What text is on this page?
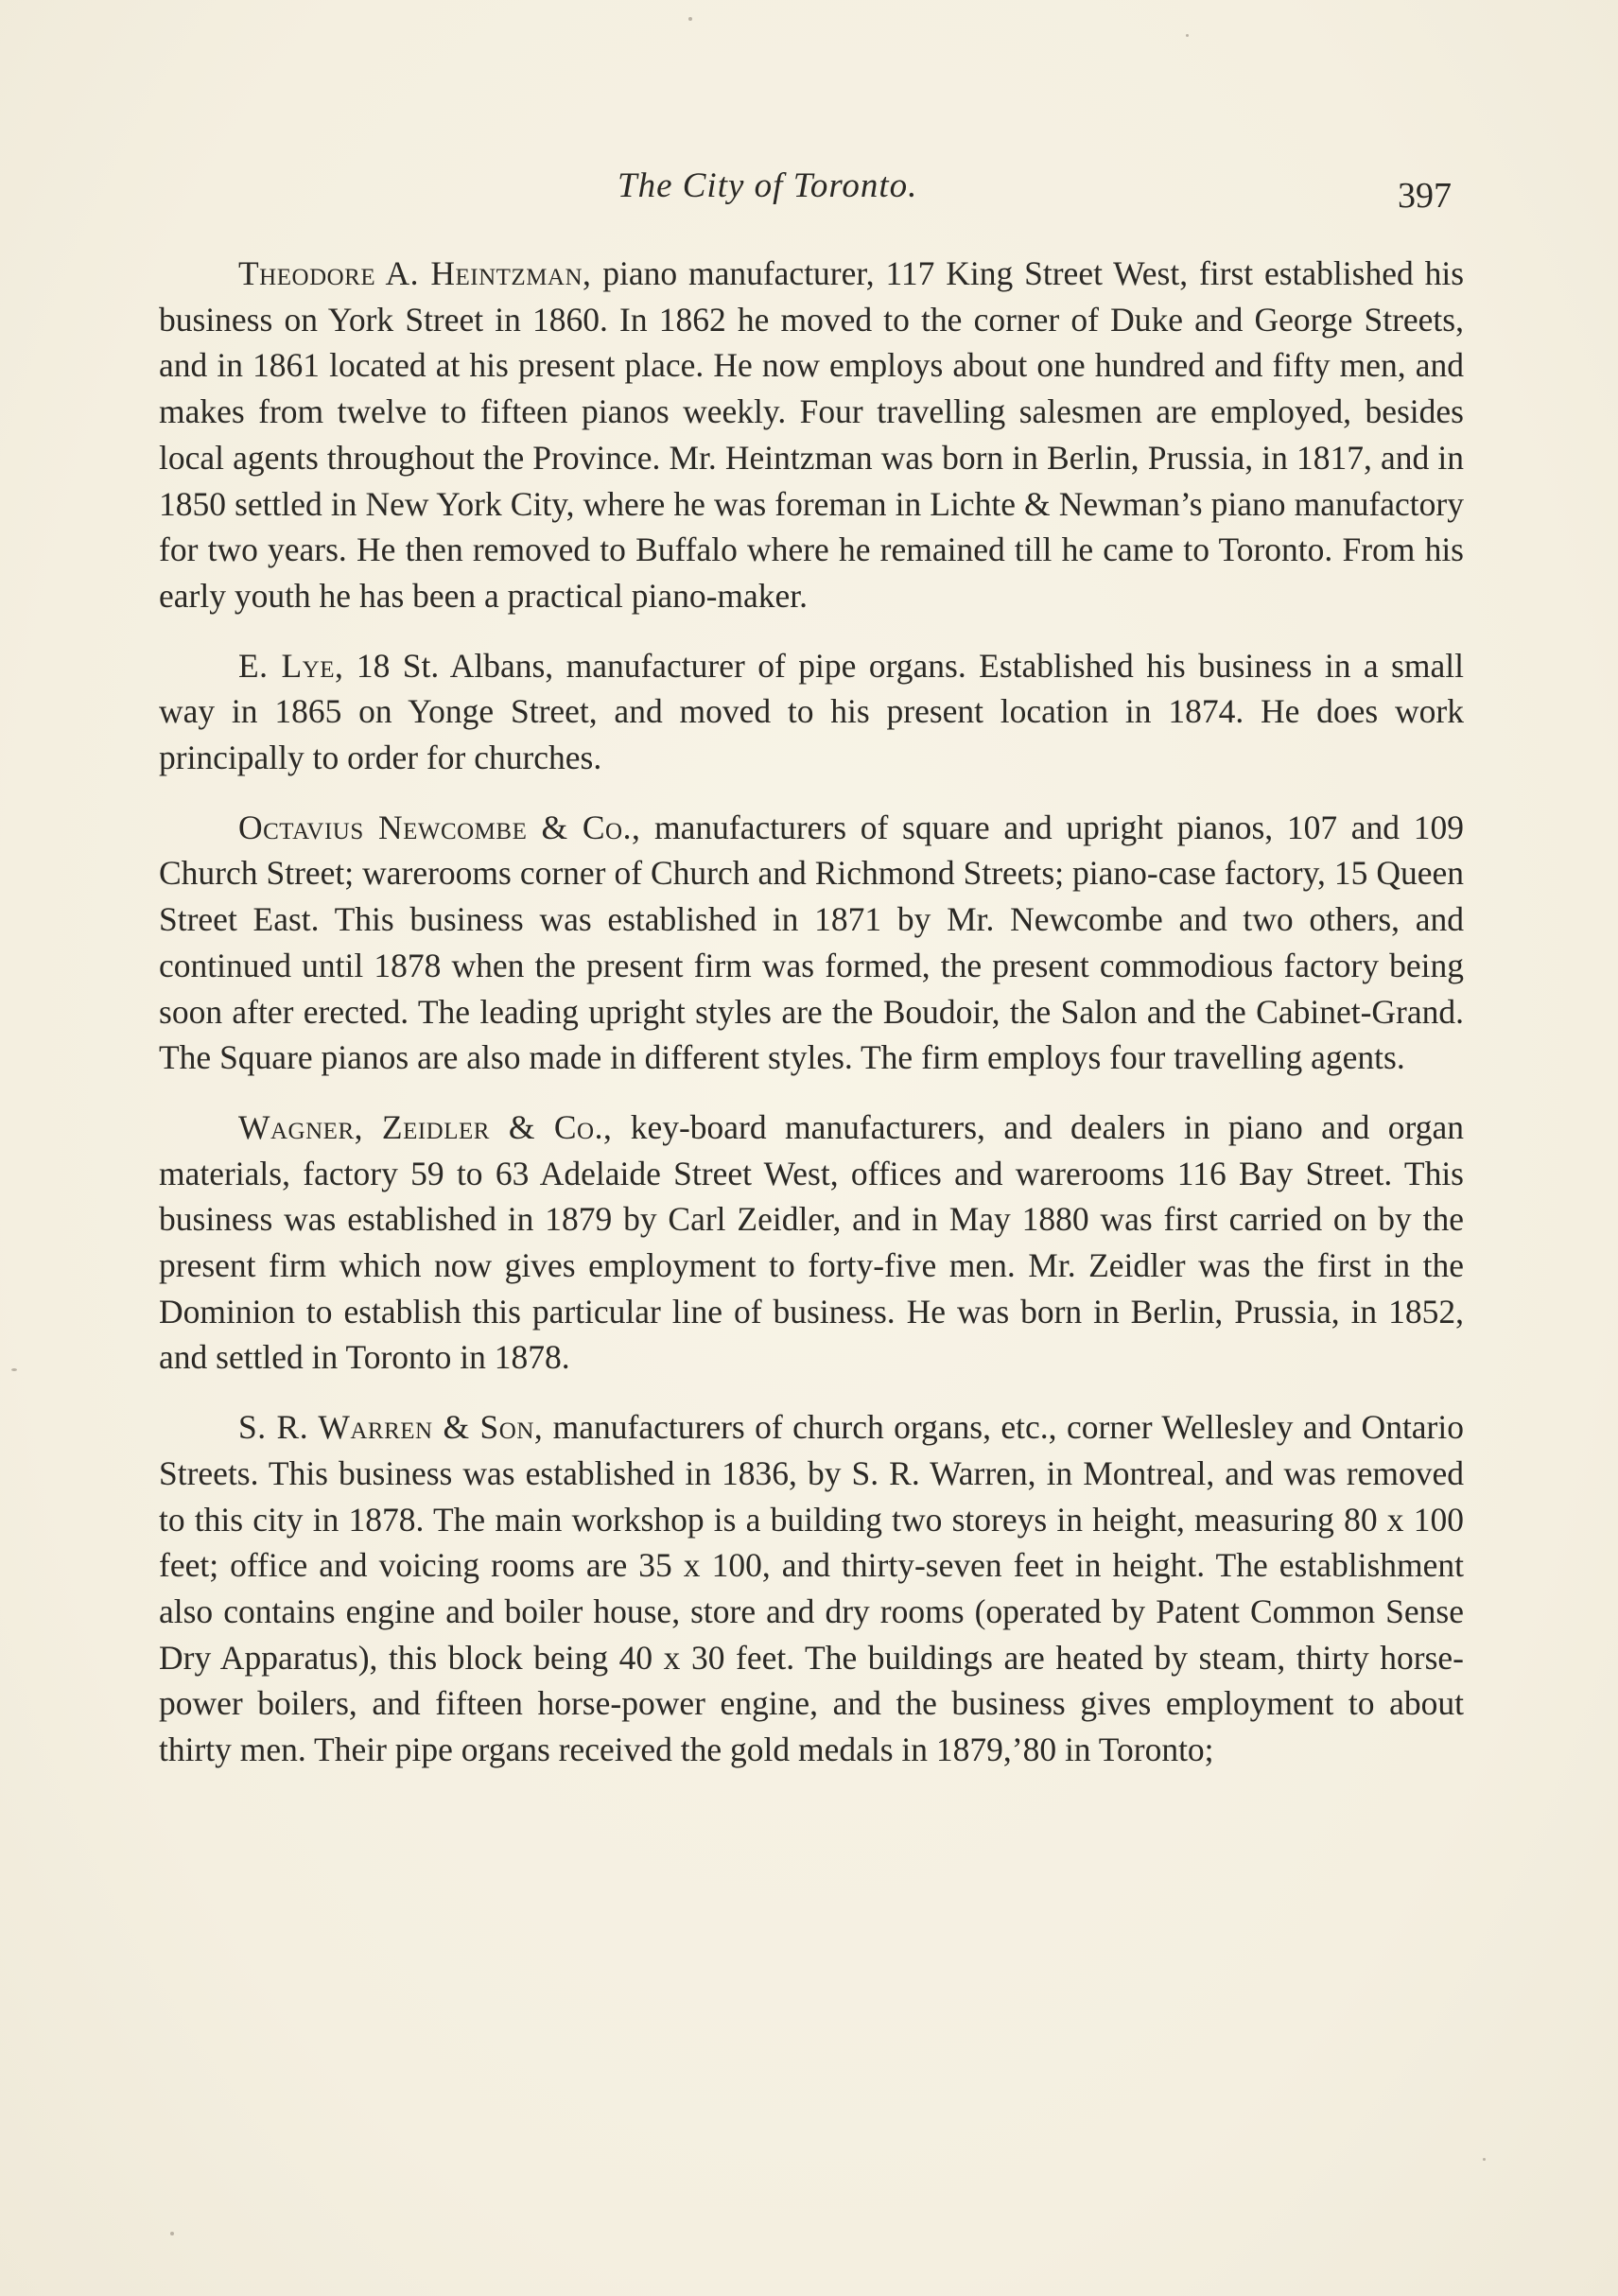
The City of Toronto.	397

Theodore A. Heintzman, piano manufacturer, 117 King Street West, first established his business on York Street in 1860. In 1862 he moved to the corner of Duke and George Streets, and in 1861 located at his present place. He now employs about one hundred and fifty men, and makes from twelve to fifteen pianos weekly. Four travelling salesmen are employed, besides local agents throughout the Province. Mr. Heintzman was born in Berlin, Prussia, in 1817, and in 1850 settled in New York City, where he was foreman in Lichte & Newman’s piano manufactory for two years. He then removed to Buffalo where he remained till he came to Toronto. From his early youth he has been a practical piano-maker.

E. Lye, 18 St. Albans, manufacturer of pipe organs. Established his business in a small way in 1865 on Yonge Street, and moved to his present location in 1874. He does work principally to order for churches.

Octavius Newcombe & Co., manufacturers of square and upright pianos, 107 and 109 Church Street; warerooms corner of Church and Richmond Streets; piano-case factory, 15 Queen Street East. This business was established in 1871 by Mr. Newcombe and two others, and continued until 1878 when the present firm was formed, the present commodious factory being soon after erected. The leading upright styles are the Boudoir, the Salon and the Cabinet-Grand. The Square pianos are also made in different styles. The firm employs four travelling agents.

Wagner, Zeidler & Co., key-board manufacturers, and dealers in piano and organ materials, factory 59 to 63 Adelaide Street West, offices and warerooms 116 Bay Street. This business was established in 1879 by Carl Zeidler, and in May 1880 was first carried on by the present firm which now gives employment to forty-five men. Mr. Zeidler was the first in the Dominion to establish this particular line of business. He was born in Berlin, Prussia, in 1852, and settled in Toronto in 1878.

S. R. Warren & Son, manufacturers of church organs, etc., corner Wellesley and Ontario Streets. This business was established in 1836, by S. R. Warren, in Montreal, and was removed to this city in 1878. The main workshop is a building two storeys in height, measuring 80 x 100 feet; office and voicing rooms are 35 x 100, and thirty-seven feet in height. The establishment also contains engine and boiler house, store and dry rooms (operated by Patent Common Sense Dry Apparatus), this block being 40 x 30 feet. The buildings are heated by steam, thirty horse-power boilers, and fifteen horse-power engine, and the business gives employment to about thirty men. Their pipe organs received the gold medals in 1879,’80 in Toronto;
